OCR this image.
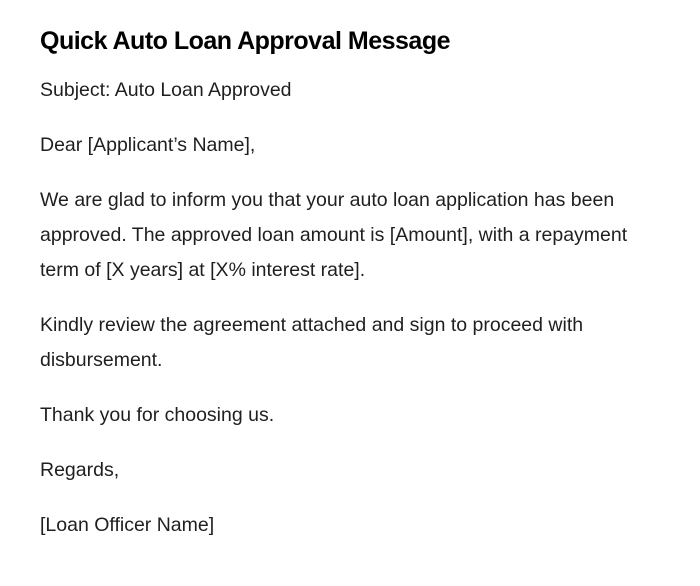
Quick Auto Loan Approval Message

Subject: Auto Loan Approved

Dear [Applicant’s Name],

We are glad to inform you that your auto loan application has been approved. The approved loan amount is [Amount], with a repayment term of [X years] at [X% interest rate].

Kindly review the agreement attached and sign to proceed with disbursement.

Thank you for choosing us.

Regards,

[Loan Officer Name]
